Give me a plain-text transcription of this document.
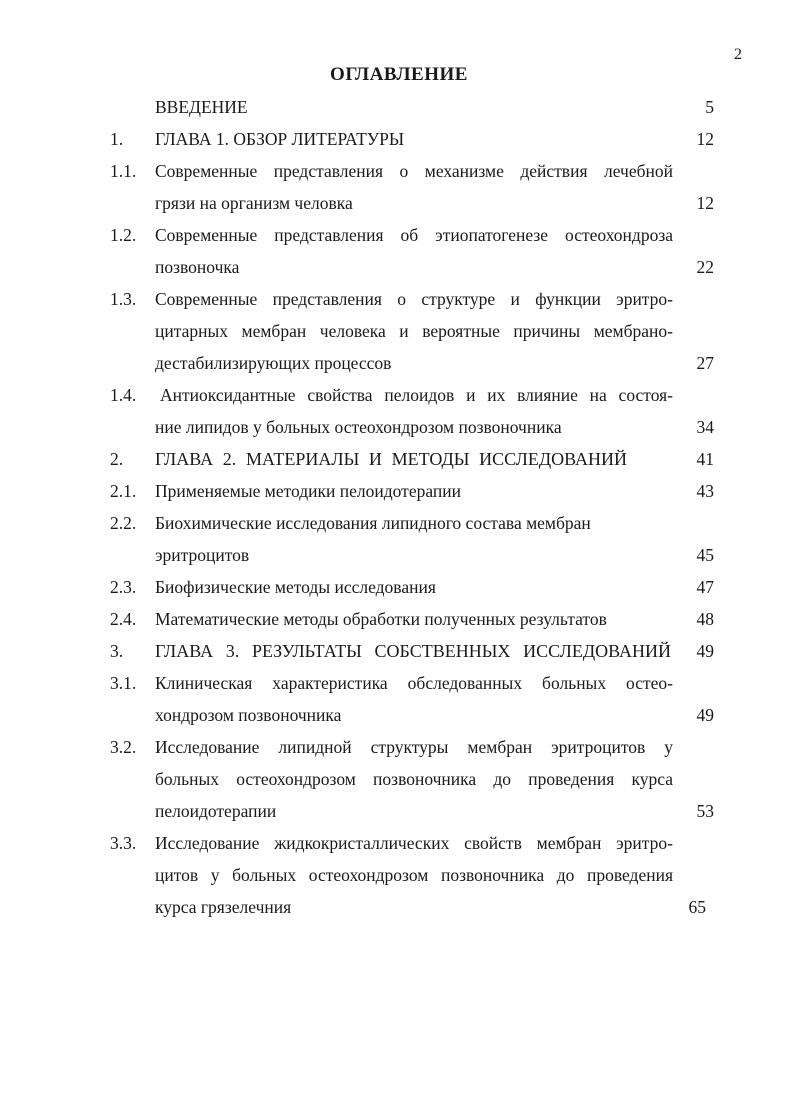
2
ОГЛАВЛЕНИЕ
ВВЕДЕНИЕ	5
1. ГЛАВА 1. ОБЗОР ЛИТЕРАТУРЫ	12
1.1. Современные представления о механизме действия лечебной
грязи на организм человка	12
1.2. Современные представления об этиопатогенезе остеохондроза
позвоночка	22
1.3. Современные представления о структуре и функции эритро-
цитарных мембран человека и вероятные причины мембрано-
дестабилизирующих процессов	27
1.4. Антиоксидантные свойства пелоидов и их влияние на состоя-
ние липидов у больных остеохондрозом позвоночника	34
2. ГЛАВА 2. МАТЕРИАЛЫ И МЕТОДЫ ИССЛЕДОВАНИЙ	41
2.1. Применяемые методики пелоидотерапии	43
2.2. Биохимические исследования липидного состава мембран
эритроцитов	45
2.3. Биофизические методы исследования	47
2.4. Математические методы обработки полученных результатов	48
3. ГЛАВА 3. РЕЗУЛЬТАТЫ СОБСТВЕННЫХ ИССЛЕДОВАНИЙ 49
3.1. Клиническая характеристика обследованных больных остео-
хондрозом позвоночника	49
3.2. Исследование липидной структуры мембран эритроцитов у
больных остеохондрозом позвоночника до проведения курса
пелоидотерапии	53
3.3. Исследование жидкокристаллических свойств мембран эритро-
цитов у больных остеохондрозом позвоночника до проведения
курса грязелечния	65
